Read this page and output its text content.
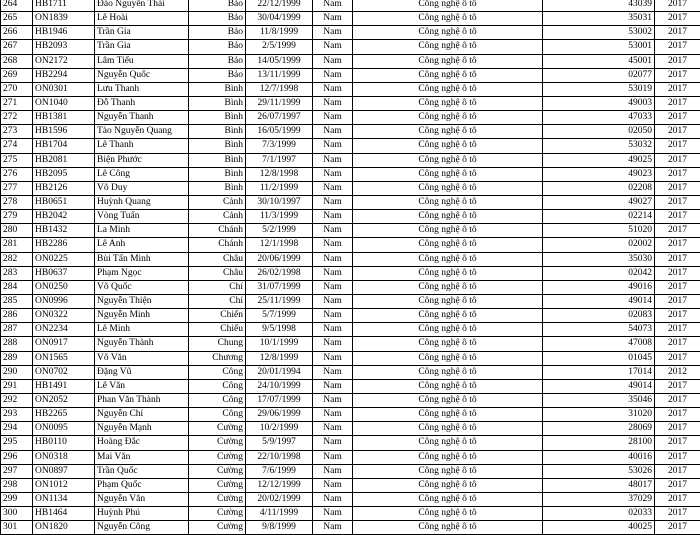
264	HB1711	Đào Nguyễn Thái	Bảo	22/12/1999	Nam	Công nghệ ô tô	43039	2017
265	ON1839	Lê Hoài	Bảo	30/04/1999	Nam	Công nghệ ô tô	35031	2017
266	HB1946	Trần Gia	Bảo	11/8/1999	Nam	Công nghệ ô tô	53002	2017
267	HB2093	Trần Gia	Bảo	2/5/1999	Nam	Công nghệ ô tô	53001	2017
268	ON2172	Lâm Tiểu	Bảo	14/05/1999	Nam	Công nghệ ô tô	45001	2017
269	HB2294	Nguyễn Quốc	Bảo	13/11/1999	Nam	Công nghệ ô tô	02077	2017
270	ON0301	Lưu Thanh	Bình	12/7/1998	Nam	Công nghệ ô tô	53019	2017
271	ON1040	Đỗ Thanh	Bình	29/11/1999	Nam	Công nghệ ô tô	49003	2017
272	HB1381	Nguyễn Thanh	Bình	26/07/1997	Nam	Công nghệ ô tô	47033	2017
273	HB1596	Tào Nguyễn Quang	Bình	16/05/1999	Nam	Công nghệ ô tô	02050	2017
274	HB1704	Lê Thanh	Bình	7/3/1999	Nam	Công nghệ ô tô	53032	2017
275	HB2081	Biện Phước	Bình	7/1/1997	Nam	Công nghệ ô tô	49025	2017
276	HB2095	Lê Công	Bình	12/8/1998	Nam	Công nghệ ô tô	49023	2017
277	HB2126	Võ Duy	Bình	11/2/1999	Nam	Công nghệ ô tô	02208	2017
278	HB0651	Huỳnh Quang	Cảnh	30/10/1997	Nam	Công nghệ ô tô	49027	2017
279	HB2042	Vòng Tuấn	Cảnh	11/3/1999	Nam	Công nghệ ô tô	02214	2017
280	HB1432	La Minh	Chánh	5/2/1999	Nam	Công nghệ ô tô	51020	2017
281	HB2286	Lê Anh	Chánh	12/1/1998	Nam	Công nghệ ô tô	02002	2017
282	ON0225	Bùi Tấn Minh	Châu	20/06/1999	Nam	Công nghệ ô tô	35030	2017
283	HB0637	Phạm Ngọc	Châu	26/02/1998	Nam	Công nghệ ô tô	02042	2017
284	ON0250	Võ Quốc	Chí	31/07/1999	Nam	Công nghệ ô tô	49016	2017
285	ON0996	Nguyễn Thiện	Chí	25/11/1999	Nam	Công nghệ ô tô	49014	2017
286	ON0322	Nguyễn Minh	Chiến	5/7/1999	Nam	Công nghệ ô tô	02083	2017
287	ON2234	Lê Minh	Chiếu	9/5/1998	Nam	Công nghệ ô tô	54073	2017
288	ON0917	Nguyễn Thành	Chung	10/1/1999	Nam	Công nghệ ô tô	47008	2017
289	ON1565	Võ Văn	Chương	12/8/1999	Nam	Công nghệ ô tô	01045	2017
290	ON0702	Đặng Vũ	Công	20/01/1994	Nam	Công nghệ ô tô	17014	2012
291	HB1491	Lê Văn	Công	24/10/1999	Nam	Công nghệ ô tô	49014	2017
292	ON2052	Phan Văn Thành	Công	17/07/1999	Nam	Công nghệ ô tô	35046	2017
293	HB2265	Nguyễn Chí	Công	29/06/1999	Nam	Công nghệ ô tô	31020	2017
294	ON0095	Nguyễn Mạnh	Cường	10/2/1999	Nam	Công nghệ ô tô	28069	2017
295	HB0110	Hoàng Đắc	Cường	5/9/1997	Nam	Công nghệ ô tô	28100	2017
296	ON0318	Mai Văn	Cường	22/10/1998	Nam	Công nghệ ô tô	40016	2017
297	ON0897	Trần Quốc	Cường	7/6/1999	Nam	Công nghệ ô tô	53026	2017
298	ON1012	Phạm Quốc	Cường	12/12/1999	Nam	Công nghệ ô tô	48017	2017
299	ON1134	Nguyễn Văn	Cường	20/02/1999	Nam	Công nghệ ô tô	37029	2017
300	HB1464	Huỳnh Phú	Cường	4/11/1999	Nam	Công nghệ ô tô	02033	2017
301	ON1820	Nguyễn Công	Cường	9/8/1999	Nam	Công nghệ ô tô	40025	2017
